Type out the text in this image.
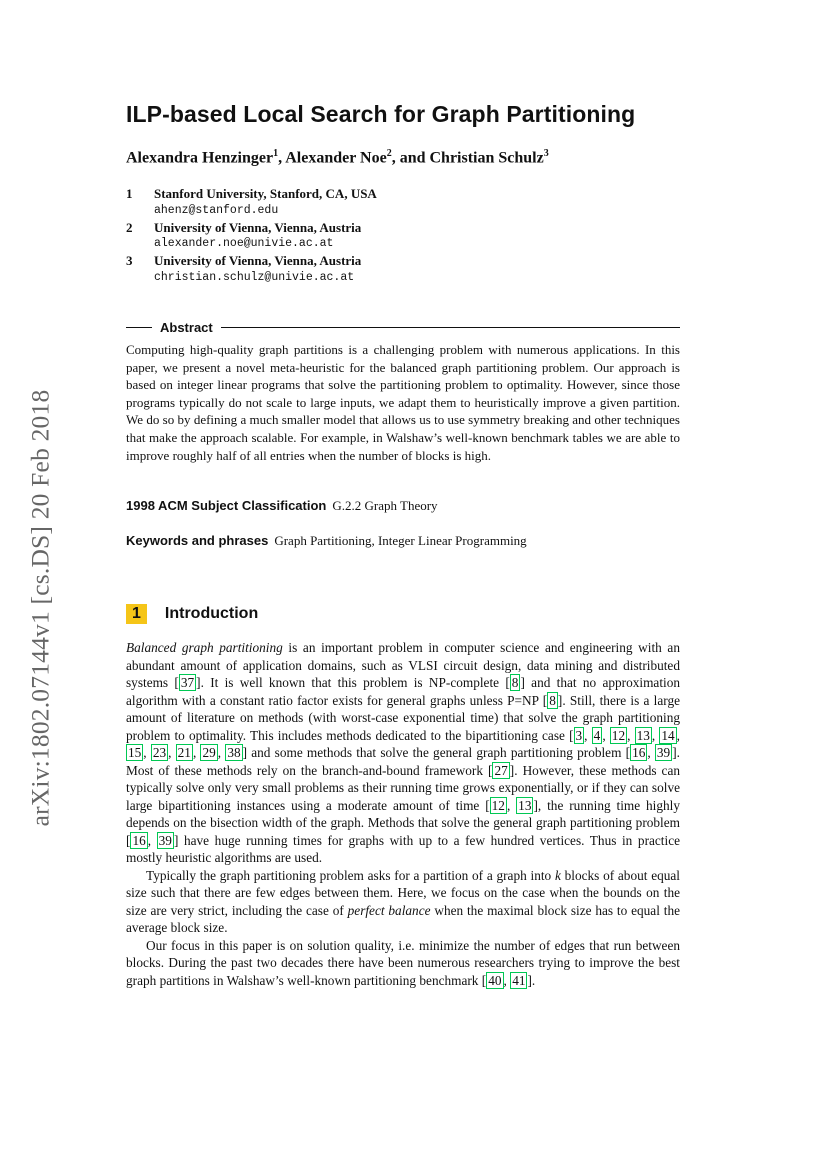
arXiv:1802.07144v1 [cs.DS] 20 Feb 2018
ILP-based Local Search for Graph Partitioning
Alexandra Henzinger$^1$, Alexander Noe$^2$, and Christian Schulz$^3$
1	Stanford University, Stanford, CA, USA
ahenz@stanford.edu
2	University of Vienna, Vienna, Austria
alexander.noe@univie.ac.at
3	University of Vienna, Vienna, Austria
christian.schulz@univie.ac.at
Abstract

Computing high-quality graph partitions is a challenging problem with numerous applications. In this paper, we present a novel meta-heuristic for the balanced graph partitioning problem. Our approach is based on integer linear programs that solve the partitioning problem to optimality. However, since those programs typically do not scale to large inputs, we adapt them to heuristically improve a given partition. We do so by defining a much smaller model that allows us to use symmetry breaking and other techniques that make the approach scalable. For example, in Walshaw’s well-known benchmark tables we are able to improve roughly half of all entries when the number of blocks is high.

1998 ACM Subject Classification G.2.2 Graph Theory
Keywords and phrases Graph Partitioning, Integer Linear Programming
1	Introduction

Balanced graph partitioning is an important problem in computer science and engineering with an abundant amount of application domains, such as VLSI circuit design, data mining and distributed systems [ 37 ]. It is well known that this problem is NP-complete [ 8 ] and that no approximation algorithm with a constant ratio factor exists for general graphs unless P=NP [ 8 ]. Still, there is a large amount of literature on methods (with worst-case exponential time) that solve the graph partitioning problem to optimality. This includes methods dedicated to the bipartitioning case [ 3 , 4 , 12 , 13 , 14 , 15 , 23 , 21 , 29 , 38 ] and some methods that solve the general graph partitioning problem [ 16 , 39 ]. Most of these methods rely on the branch-and-bound framework [ 27 ]. However, these methods can typically solve only very small problems as their running time grows exponentially, or if they can solve large bipartitioning instances using a moderate amount of time [ 12 , 13 ], the running time highly depends on the bisection width of the graph. Methods that solve the general graph partitioning problem [ 16 , 39 ] have huge running times for graphs with up to a few hundred vertices. Thus in practice mostly heuristic algorithms are used.

Typically the graph partitioning problem asks for a partition of a graph into k blocks of about equal size such that there are few edges between them. Here, we focus on the case when the bounds on the size are very strict, including the case of perfect balance when the maximal block size has to equal the average block size.

Our focus in this paper is on solution quality, i.e. minimize the number of edges that run between blocks. During the past two decades there have been numerous researchers trying to improve the best graph partitions in Walshaw’s well-known partitioning benchmark [ 40 , 41 ].
